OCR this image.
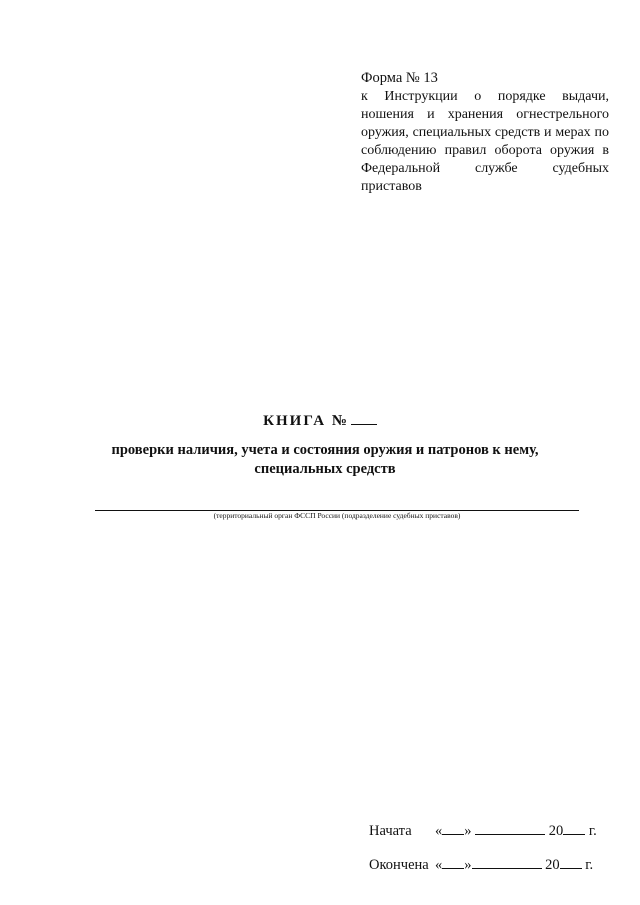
Форма № 13

к Инструкции о порядке выдачи, ношения и хранения огнестрельного оружия, специальных средств и мерах по соблюдению правил оборота оружия в Федеральной службе судебных приставов

КНИГА №
проверки наличия, учета и состояния оружия и патронов к нему, специальных средств
(территориальный орган ФССП России (подразделение судебных приставов)
Начата « »	20 г.
Окончена « »	20 г.
